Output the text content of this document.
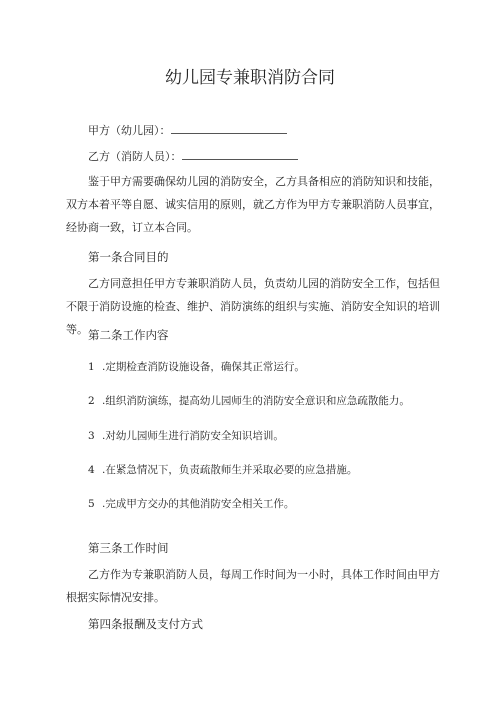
幼儿园专兼职消防合同
甲方（幼儿园）：
乙方（消防人员）：
鉴于甲方需要确保幼儿园的消防安全，乙方具备相应的消防知识和技能，双方本着平等自愿、诚实信用的原则，就乙方作为甲方专兼职消防人员事宜，经协商一致，订立本合同。
第一条合同目的
乙方同意担任甲方专兼职消防人员，负责幼儿园的消防安全工作，包括但不限于消防设施的检查、维护、消防演练的组织与实施、消防安全知识的培训等。 第二条工作内容
1 .定期检查消防设施设备，确保其正常运行。
2 .组织消防演练，提高幼儿园师生的消防安全意识和应急疏散能力。
3 .对幼儿园师生进行消防安全知识培训。
4 .在紧急情况下，负责疏散师生并采取必要的应急措施。
5 .完成甲方交办的其他消防安全相关工作。
第三条工作时间
乙方作为专兼职消防人员，每周工作时间为一小时，具体工作时间由甲方根据实际情况安排。
第四条报酬及支付方式
